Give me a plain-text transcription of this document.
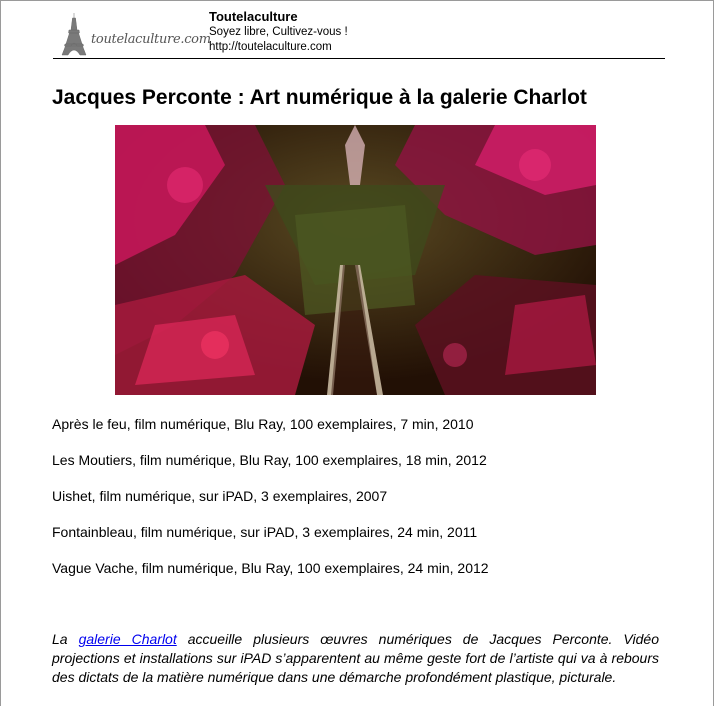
toutelaculture.com
Toutelaculture
Soyez libre, Cultivez-vous !
http://toutelaculture.com
Jacques Perconte : Art numérique à la galerie Charlot
Après le feu, film numérique, Blu Ray, 100 exemplaires, 7 min, 2010
Les Moutiers, film numérique, Blu Ray, 100 exemplaires, 18 min, 2012
Uishet, film numérique, sur iPAD, 3 exemplaires, 2007
Fontainbleau, film numérique, sur iPAD, 3 exemplaires, 24 min, 2011
Vague Vache, film numérique, Blu Ray, 100 exemplaires, 24 min, 2012
La galerie Charlot accueille plusieurs œuvres numériques de Jacques Perconte. Vidéo projections et installations sur iPAD s’apparentent au même geste fort de l’artiste qui va à rebours des dictats de la matière numérique dans une démarche profondément plastique, picturale.
